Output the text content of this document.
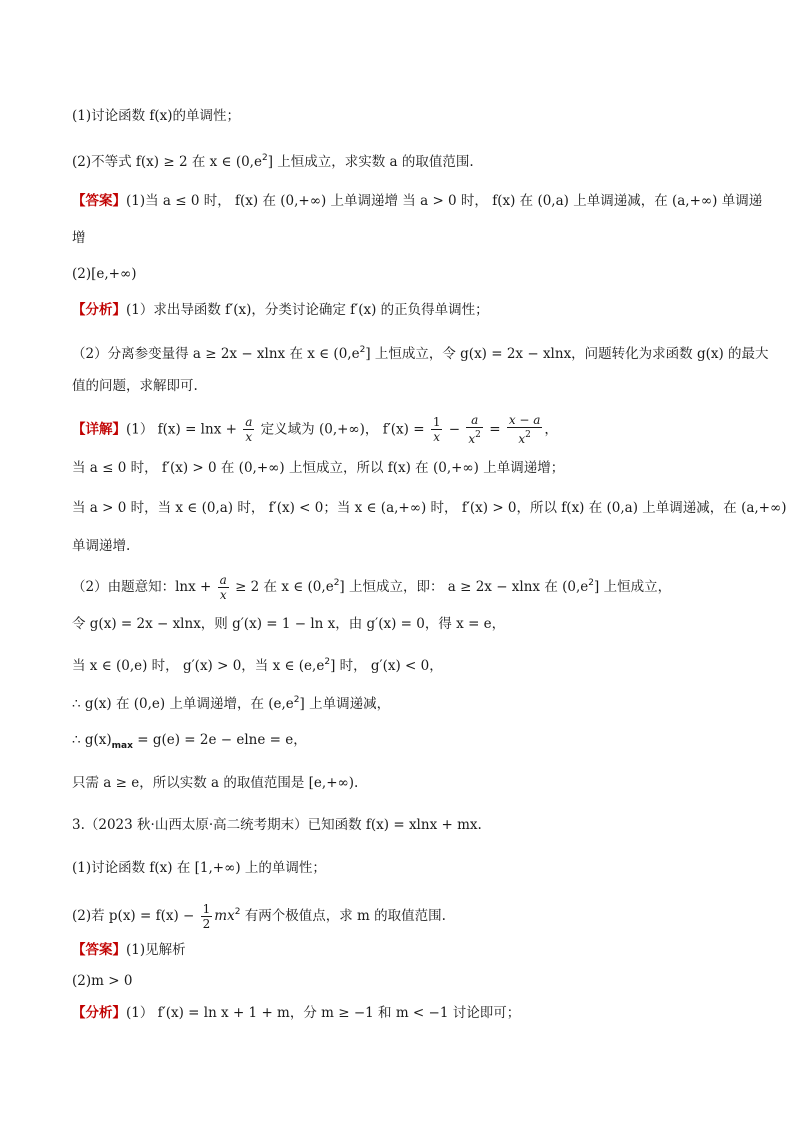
(1)讨论函数 f(x)的单调性；
(2)不等式 f(x) ≥ 2 在 x ∈ $(0,e^2]$ 上恒成立，求实数 a 的取值范围.
【答案】(1)当 a ≤ 0 时， f(x) 在 (0,+∞) 上单调递增 当 a > 0 时， f(x) 在 (0,a) 上单调递减，在 (a,+∞) 单调递
增
(2)[e,+∞)
【分析】(1）求出导函数 f′(x)，分类讨论确定 f′(x) 的正负得单调性；
（2）分离参变量得 a ≥ 2x − xlnx 在 x ∈ $(0,e^2]$ 上恒成立，令 g(x) = 2x − xlnx，问题转化为求函数 g(x) 的最大
值的问题，求解即可.
【详解】(1） $f(x) = \ln x + \frac{a}{x}$ 定义域为 (0,+∞)， $f'(x) = \frac{1}{x} - \frac{a}{x^2} = \frac{x - a}{x^2}$ ，
当 a ≤ 0 时， f′(x) > 0 在 (0,+∞) 上恒成立，所以 f(x) 在 (0,+∞) 上单调递增；
当 a > 0 时，当 x ∈ (0,a) 时， f′(x) < 0；当 x ∈ (a,+∞) 时， f′(x) > 0，所以 f(x) 在 (0,a) 上单调递减，在 (a,+∞)
单调递增.
（2）由题意知：$\ln x + \frac{a}{x} \ge 2$ 在 x ∈ $(0,e^2]$ 上恒成立，即： a ≥ 2x − xlnx 在 $(0,e^2]$ 上恒成立，
令 g(x) = 2x − xlnx，则 g′(x) = 1 − ln x，由 g′(x) = 0，得 x = e，
当 x ∈ (0,e) 时， g′(x) > 0，当 x ∈ $(e,e^2]$ 时， g′(x) < 0，
∴ g(x) 在 (0,e) 上单调递增，在 $(e,e^2]$ 上单调递减，
∴ $g(x)_{max} = g(e) = 2e - elne = e$，
只需 a ≥ e，所以实数 a 的取值范围是 [e,+∞).
3.（2023 秋·山西太原·高二统考期末）已知函数 f(x) = xlnx + mx.
(1)讨论函数 f(x) 在 [1,+∞) 上的单调性；
(2)若 $p(x) = f(x) - \frac{1}{2} mx^2$ 有两个极值点，求 m 的取值范围.
【答案】(1)见解析
(2)m > 0
【分析】(1） f′(x) = ln x + 1 + m，分 m ≥ −1 和 m < −1 讨论即可；
